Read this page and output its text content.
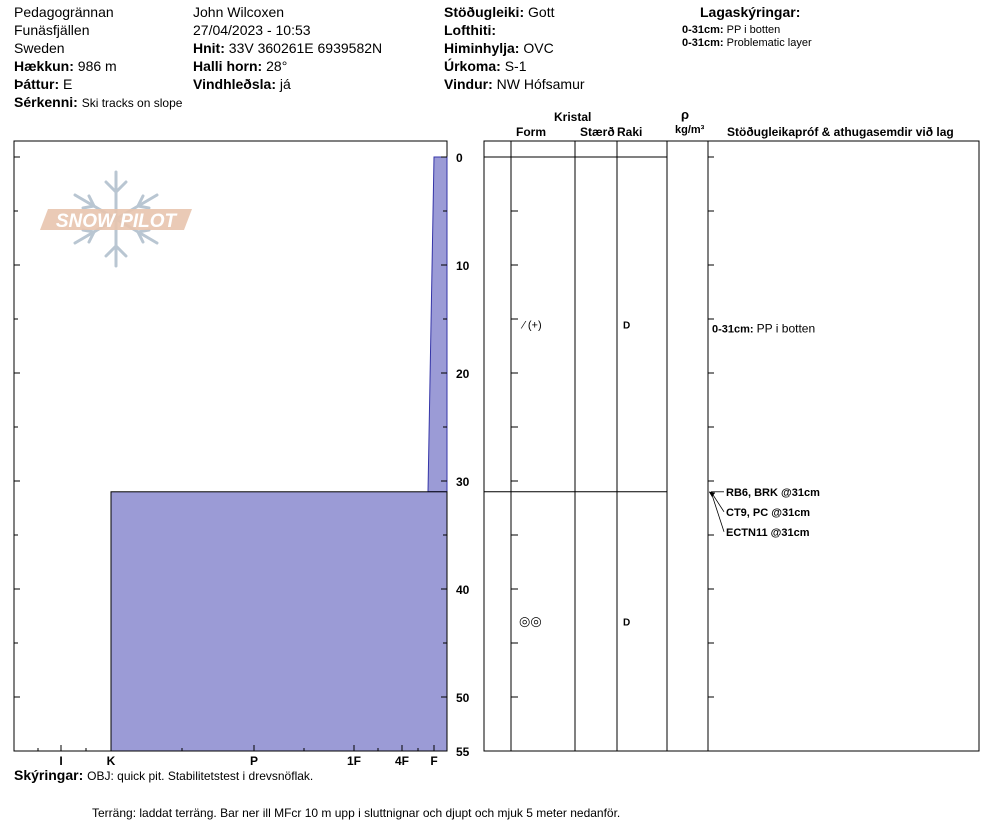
Pedagogrännan
Funäsfjällen
Sweden
Hækkun: 986 m
Þáttur: E
Sérkenni: Ski tracks on slope
John Wilcoxen
27/04/2023 - 10:53
Hnit: 33V 360261E 6939582N
Halli horn: 28°
Vindhleðsla: já
Stöðugleiki: Gott
Lofthiti:
Himinhylja: OVC
Úrkoma: S-1
Vindur: NW Hófsamur
Lagaskýringar:
0-31cm: PP i botten
0-31cm: Problematic layer
Kristal
Form	Stærð Raki
ρ
kg/m³ Stöðugleikapróf & athugasemdir við lag
SNOW PILOT
0
10
20
30
40
50
55
I	K	P	1F	4F F
⁄ (+)	D	0-31cm: PP i botten
◎◎	D
RB6, BRK @31cm
CT9, PC @31cm
ECTN11 @31cm
Skýringar: OBJ: quick pit. Stabilitetstest i drevsnöflak.
Terräng: laddat terräng. Bar ner ill MFcr 10 m upp i sluttnignar och djupt och mjuk 5 meter nedanför.
